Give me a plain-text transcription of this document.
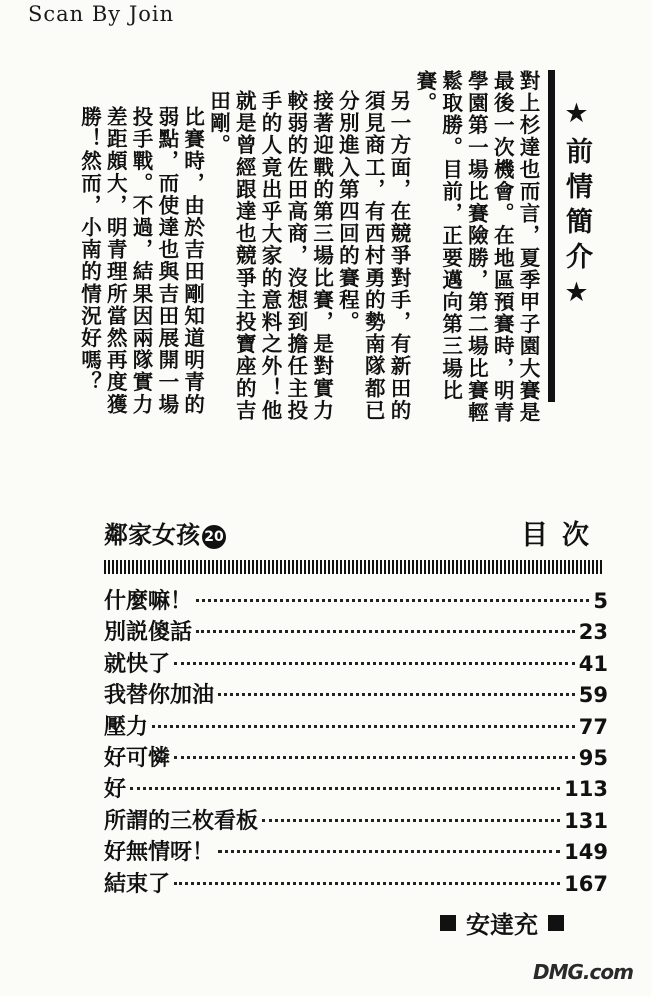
Scan By Join
★前情簡介★

對上杉達也而言，夏季甲子園大賽是最後一次機會。在地區預賽時，明青學園第一場比賽險勝，第二場比賽輕鬆取勝。目前，正要邁向第三場比賽。

另一方面，在競爭對手，有新田的須見商工，有西村勇的勢南隊都已分別進入第四回的賽程。

接著迎戰的第三場比賽，是對實力較弱的佐田高商，沒想到擔任主投手的人竟出乎大家的意料之外！他就是曾經跟達也競爭主投寶座的吉田剛。

比賽時，由於吉田剛知道明青的弱點，而使達也與吉田展開一場投手戰。不過，結果因兩隊實力差距頗大，明青理所當然再度獲勝！然而，小南的情況好嗎？

鄰家女孩 20	目次
什麼嘛！	5
別説傻話	23
就快了	41
我替你加油	59
壓力	77
好可憐	95
好	113
所謂的三枚看板	131
好無情呀！	149
結束了	167
安達充
DMG.com
